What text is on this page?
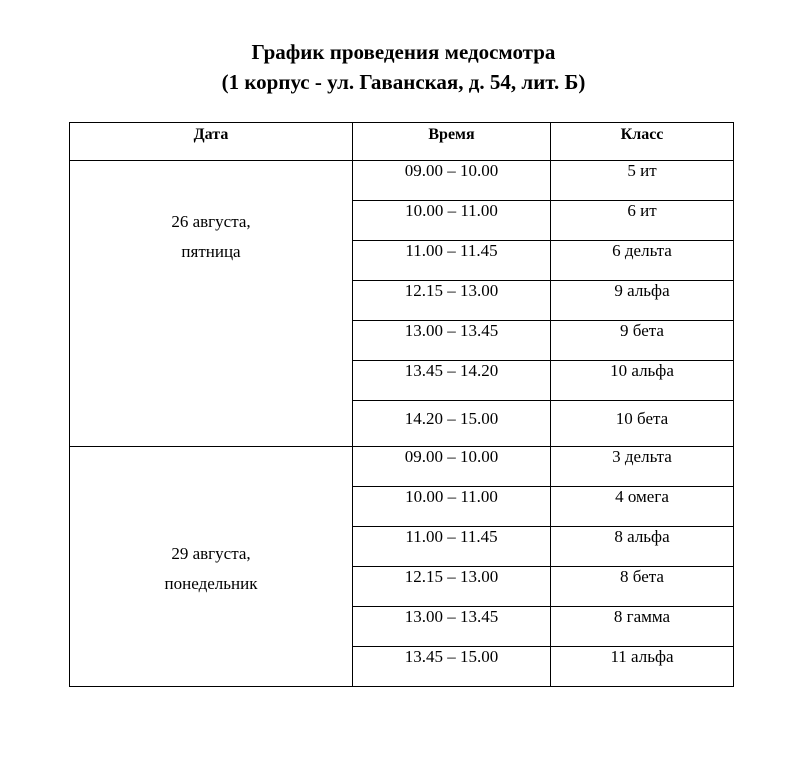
График проведения медосмотра
(1 корпус - ул. Гаванская, д. 54, лит. Б)
Дата	Время	Класс

26 августа,
пятница	09.00 – 10.00	5 ит
	10.00 – 11.00	6 ит
	11.00 – 11.45	6 дельта
	12.15 – 13.00	9 альфа
	13.00 – 13.45	9 бета
	13.45 – 14.20	10 альфа
	14.20 – 15.00	10 бета

29 августа,
понедельник	09.00 – 10.00	3 дельта
	10.00 – 11.00	4 омега
	11.00 – 11.45	8 альфа
	12.15 – 13.00	8 бета
	13.00 – 13.45	8 гамма
	13.45 – 15.00	11 альфа
